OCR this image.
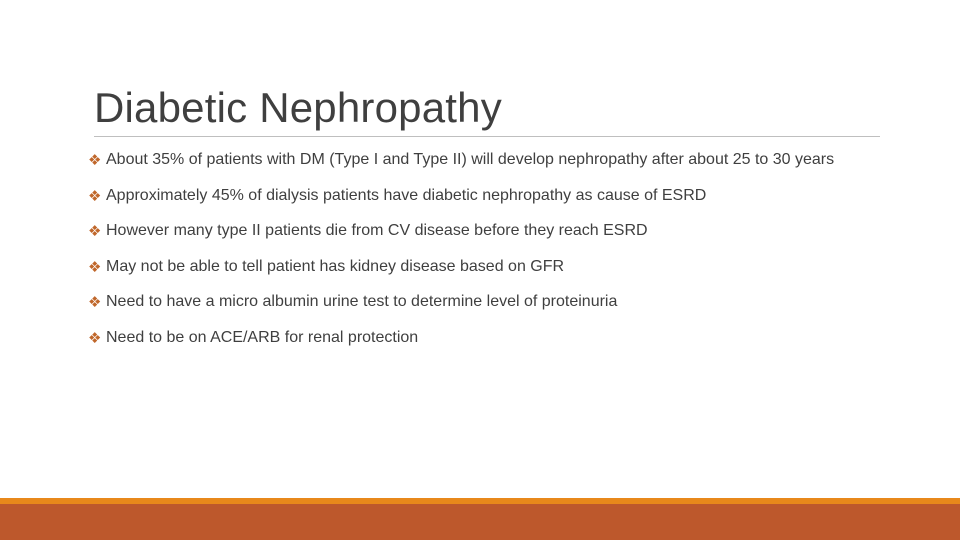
Diabetic Nephropathy
❖ About 35% of patients with DM (Type I and Type II) will develop nephropathy after about 25 to 30 years
❖ Approximately 45% of dialysis patients have diabetic nephropathy as cause of ESRD
❖ However many type II patients die from CV disease before they reach ESRD
❖ May not be able to tell patient has kidney disease based on GFR
❖ Need to have a micro albumin urine test to determine level of proteinuria
❖ Need to be on ACE/ARB for renal protection
